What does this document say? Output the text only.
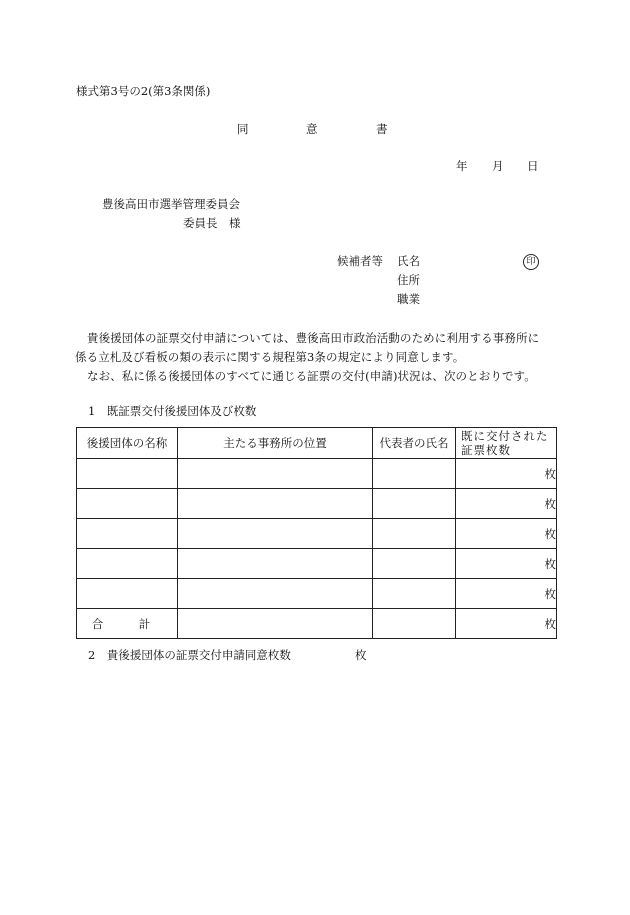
様式第3号の2(第3条関係)
同	意	書
年 月 日
豊後高田市選挙管理委員会
委員長　様
候補者等 氏名	印
住所
職業

貴後援団体の証票交付申請については、豊後高田市政治活動のために利用する事務所に

係る立札及び看板の類の表示に関する規程第3条の規定により同意します。

なお、私に係る後援団体のすべてに通じる証票の交付(申請)状況は、次のとおりです。

1　既証票交付後援団体及び枚数
後援団体の名称	主たる事務所の位置	代表者の氏名	既に交付された
証票枚数
			枚
			枚
			枚
			枚
			枚
合　計			枚
2　貴後援団体の証票交付申請同意枚数	枚
